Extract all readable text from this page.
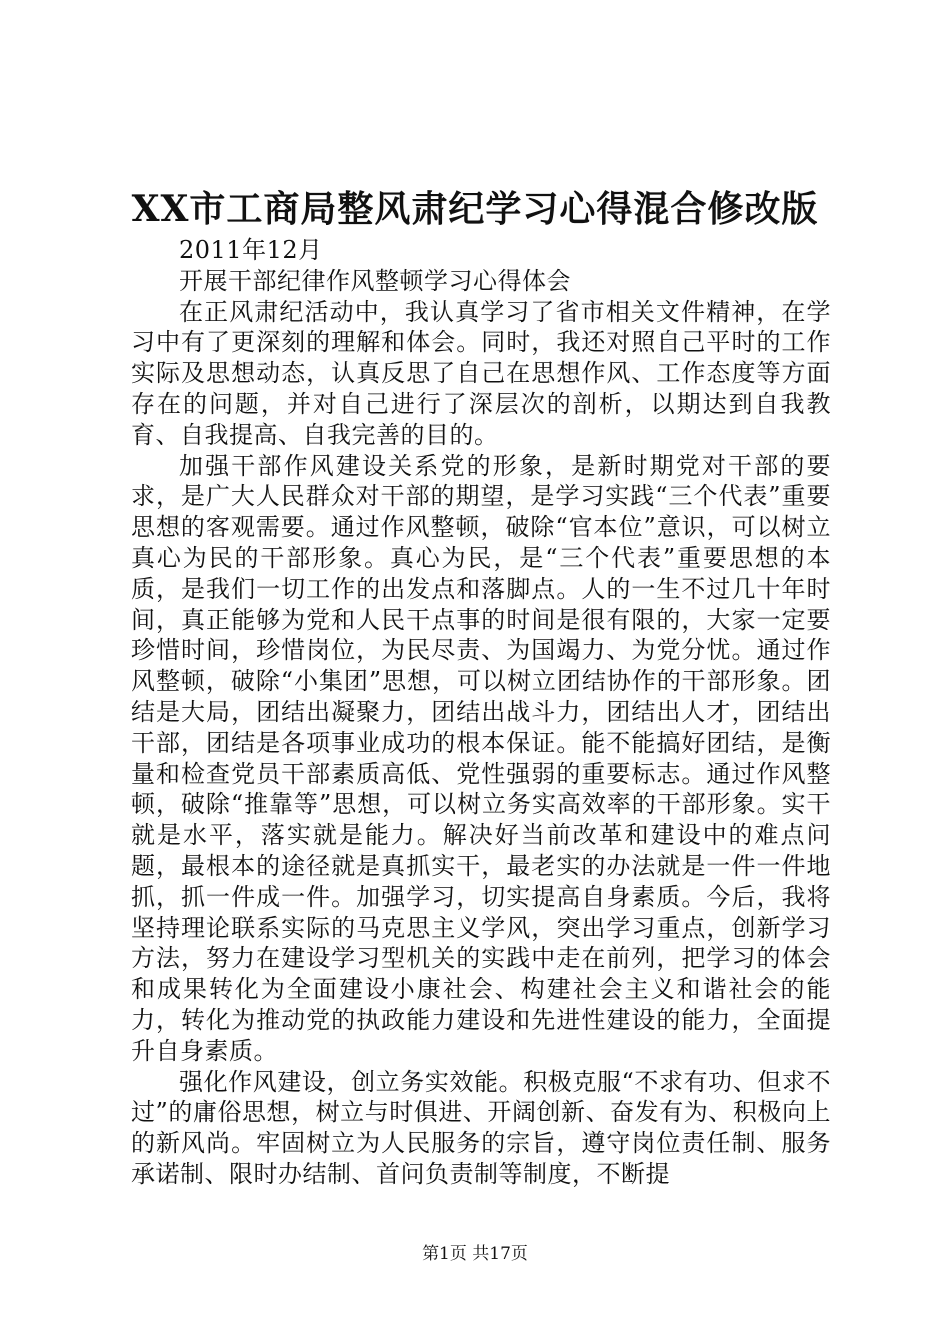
XX市工商局整风肃纪学习心得混合修改版

2011年12月

开展干部纪律作风整顿学习心得体会

在正风肃纪活动中，我认真学习了省市相关文件精神，在学习中有了更深刻的理解和体会。同时，我还对照自己平时的工作实际及思想动态，认真反思了自己在思想作风、工作态度等方面存在的问题，并对自己进行了深层次的剖析，以期达到自我教育、自我提高、自我完善的目的。

加强干部作风建设关系党的形象，是新时期党对干部的要求，是广大人民群众对干部的期望，是学习实践“三个代表”重要思想的客观需要。通过作风整顿，破除“官本位”意识，可以树立真心为民的干部形象。真心为民，是“三个代表”重要思想的本质，是我们一切工作的出发点和落脚点。人的一生不过几十年时间，真正能够为党和人民干点事的时间是很有限的，大家一定要珍惜时间，珍惜岗位，为民尽责、为国竭力、为党分忧。通过作风整顿，破除“小集团”思想，可以树立团结协作的干部形象。团结是大局，团结出凝聚力，团结出战斗力，团结出人才，团结出干部，团结是各项事业成功的根本保证。能不能搞好团结，是衡量和检查党员干部素质高低、党性强弱的重要标志。通过作风整顿，破除“推靠等”思想，可以树立务实高效率的干部形象。实干就是水平，落实就是能力。解决好当前改革和建设中的难点问题，最根本的途径就是真抓实干，最老实的办法就是一件一件地抓，抓一件成一件。加强学习，切实提高自身素质。今后，我将坚持理论联系实际的马克思主义学风，突出学习重点，创新学习方法，努力在建设学习型机关的实践中走在前列，把学习的体会和成果转化为全面建设小康社会、构建社会主义和谐社会的能力，转化为推动党的执政能力建设和先进性建设的能力，全面提升自身素质。

强化作风建设，创立务实效能。积极克服“不求有功、但求不过”的庸俗思想，树立与时俱进、开阔创新、奋发有为、积极向上的新风尚。牢固树立为人民服务的宗旨，遵守岗位责任制、服务承诺制、限时办结制、首问负责制等制度，不断提

第1页 共17页
